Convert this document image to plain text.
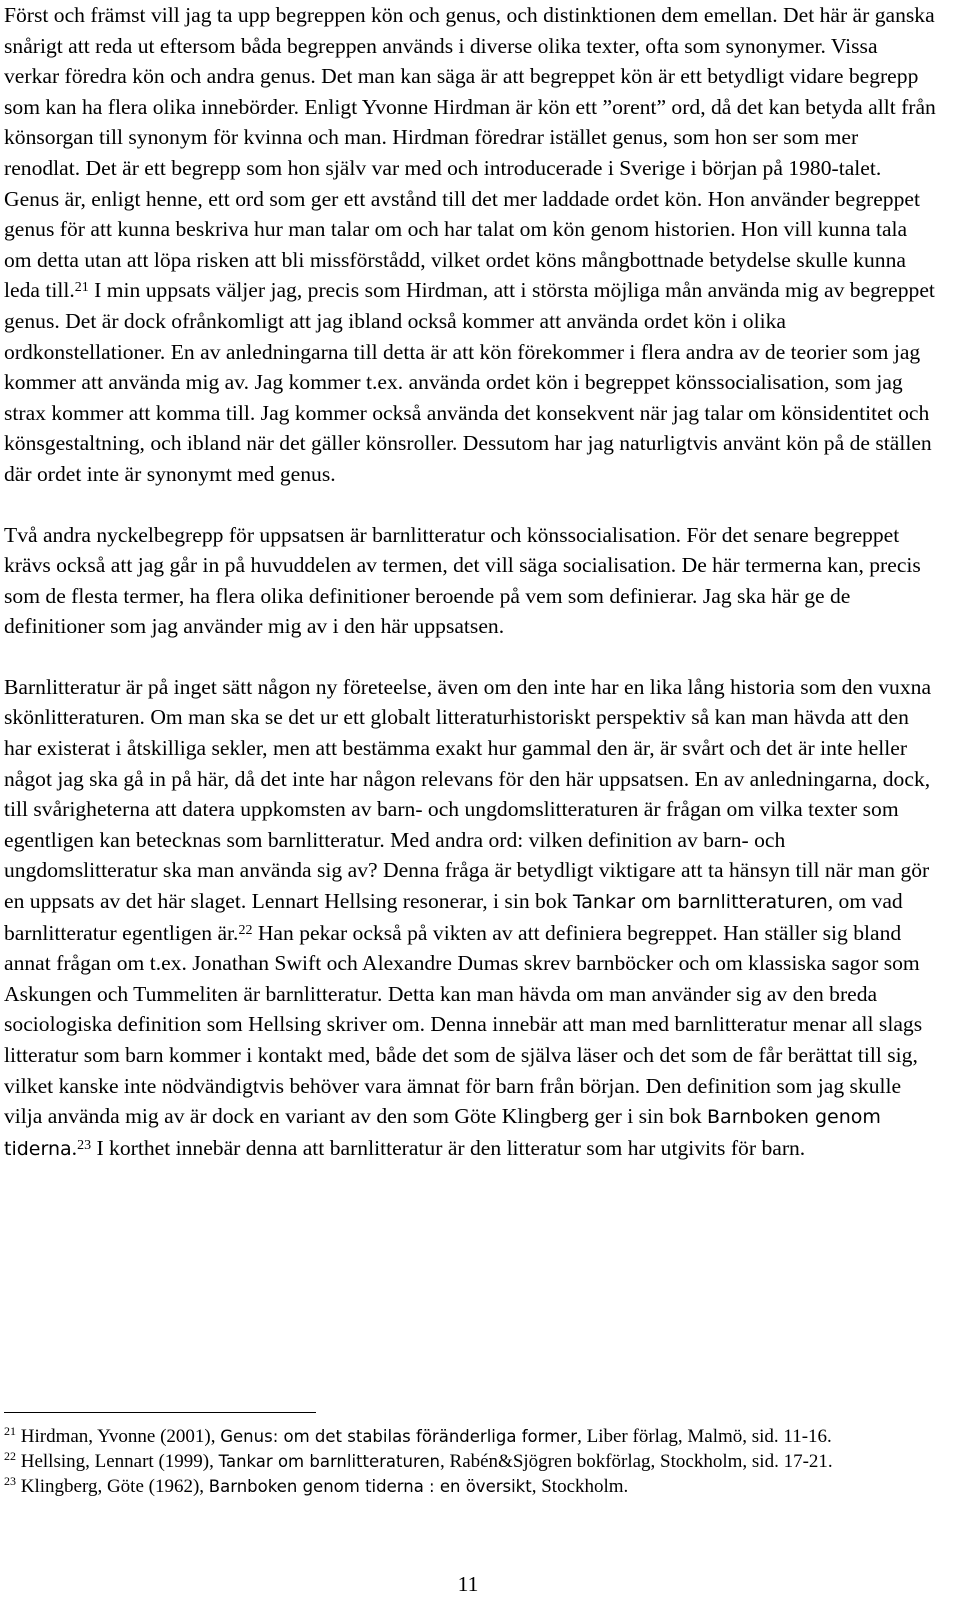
Först och främst vill jag ta upp begreppen kön och genus, och distinktionen dem emellan. Det här är ganska snårigt att reda ut eftersom båda begreppen används i diverse olika texter, ofta som synonymer. Vissa verkar föredra kön och andra genus. Det man kan säga är att begreppet kön är ett betydligt vidare begrepp som kan ha flera olika innebörder. Enligt Yvonne Hirdman är kön ett ”orent” ord, då det kan betyda allt från könsorgan till synonym för kvinna och man. Hirdman föredrar istället genus, som hon ser som mer renodlat. Det är ett begrepp som hon själv var med och introducerade i Sverige i början på 1980-talet. Genus är, enligt henne, ett ord som ger ett avstånd till det mer laddade ordet kön. Hon använder begreppet genus för att kunna beskriva hur man talar om och har talat om kön genom historien. Hon vill kunna tala om detta utan att löpa risken att bli missförstådd, vilket ordet köns mångbottnade betydelse skulle kunna leda till.$^{21}$ I min uppsats väljer jag, precis som Hirdman, att i största möjliga mån använda mig av begreppet genus. Det är dock ofrånkomligt att jag ibland också kommer att använda ordet kön i olika ordkonstellationer. En av anledningarna till detta är att kön förekommer i flera andra av de teorier som jag kommer att använda mig av. Jag kommer t.ex. använda ordet kön i begreppet könssocialisation, som jag strax kommer att komma till. Jag kommer också använda det konsekvent när jag talar om könsidentitet och könsgestaltning, och ibland när det gäller könsroller. Dessutom har jag naturligtvis använt kön på de ställen där ordet inte är synonymt med genus.

Två andra nyckelbegrepp för uppsatsen är barnlitteratur och könssocialisation. För det senare begreppet krävs också att jag går in på huvuddelen av termen, det vill säga socialisation. De här termerna kan, precis som de flesta termer, ha flera olika definitioner beroende på vem som definierar. Jag ska här ge de definitioner som jag använder mig av i den här uppsatsen.

Barnlitteratur är på inget sätt någon ny företeelse, även om den inte har en lika lång historia som den vuxna skönlitteraturen. Om man ska se det ur ett globalt litteraturhistoriskt perspektiv så kan man hävda att den har existerat i åtskilliga sekler, men att bestämma exakt hur gammal den är, är svårt och det är inte heller något jag ska gå in på här, då det inte har någon relevans för den här uppsatsen. En av anledningarna, dock, till svårigheterna att datera uppkomsten av barn- och ungdomslitteraturen är frågan om vilka texter som egentligen kan betecknas som barnlitteratur. Med andra ord: vilken definition av barn- och ungdomslitteratur ska man använda sig av? Denna fråga är betydligt viktigare att ta hänsyn till när man gör en uppsats av det här slaget. Lennart Hellsing resonerar, i sin bok Tankar om barnlitteraturen, om vad barnlitteratur egentligen är.$^{22}$ Han pekar också på vikten av att definiera begreppet. Han ställer sig bland annat frågan om t.ex. Jonathan Swift och Alexandre Dumas skrev barnböcker och om klassiska sagor som Askungen och Tummeliten är barnlitteratur. Detta kan man hävda om man använder sig av den breda sociologiska definition som Hellsing skriver om. Denna innebär att man med barnlitteratur menar all slags litteratur som barn kommer i kontakt med, både det som de själva läser och det som de får berättat till sig, vilket kanske inte nödvändigtvis behöver vara ämnat för barn från början. Den definition som jag skulle vilja använda mig av är dock en variant av den som Göte Klingberg ger i sin bok Barnboken genom tiderna.$^{23}$ I korthet innebär denna att barnlitteratur är den litteratur som har utgivits för barn.

$^{21}$ Hirdman, Yvonne (2001), Genus: om det stabilas föränderliga former, Liber förlag, Malmö, sid. 11-16.

$^{22}$ Hellsing, Lennart (1999), Tankar om barnlitteraturen, Rabén&Sjögren bokförlag, Stockholm, sid. 17-21.

$^{23}$ Klingberg, Göte (1962), Barnboken genom tiderna : en översikt, Stockholm.

11
